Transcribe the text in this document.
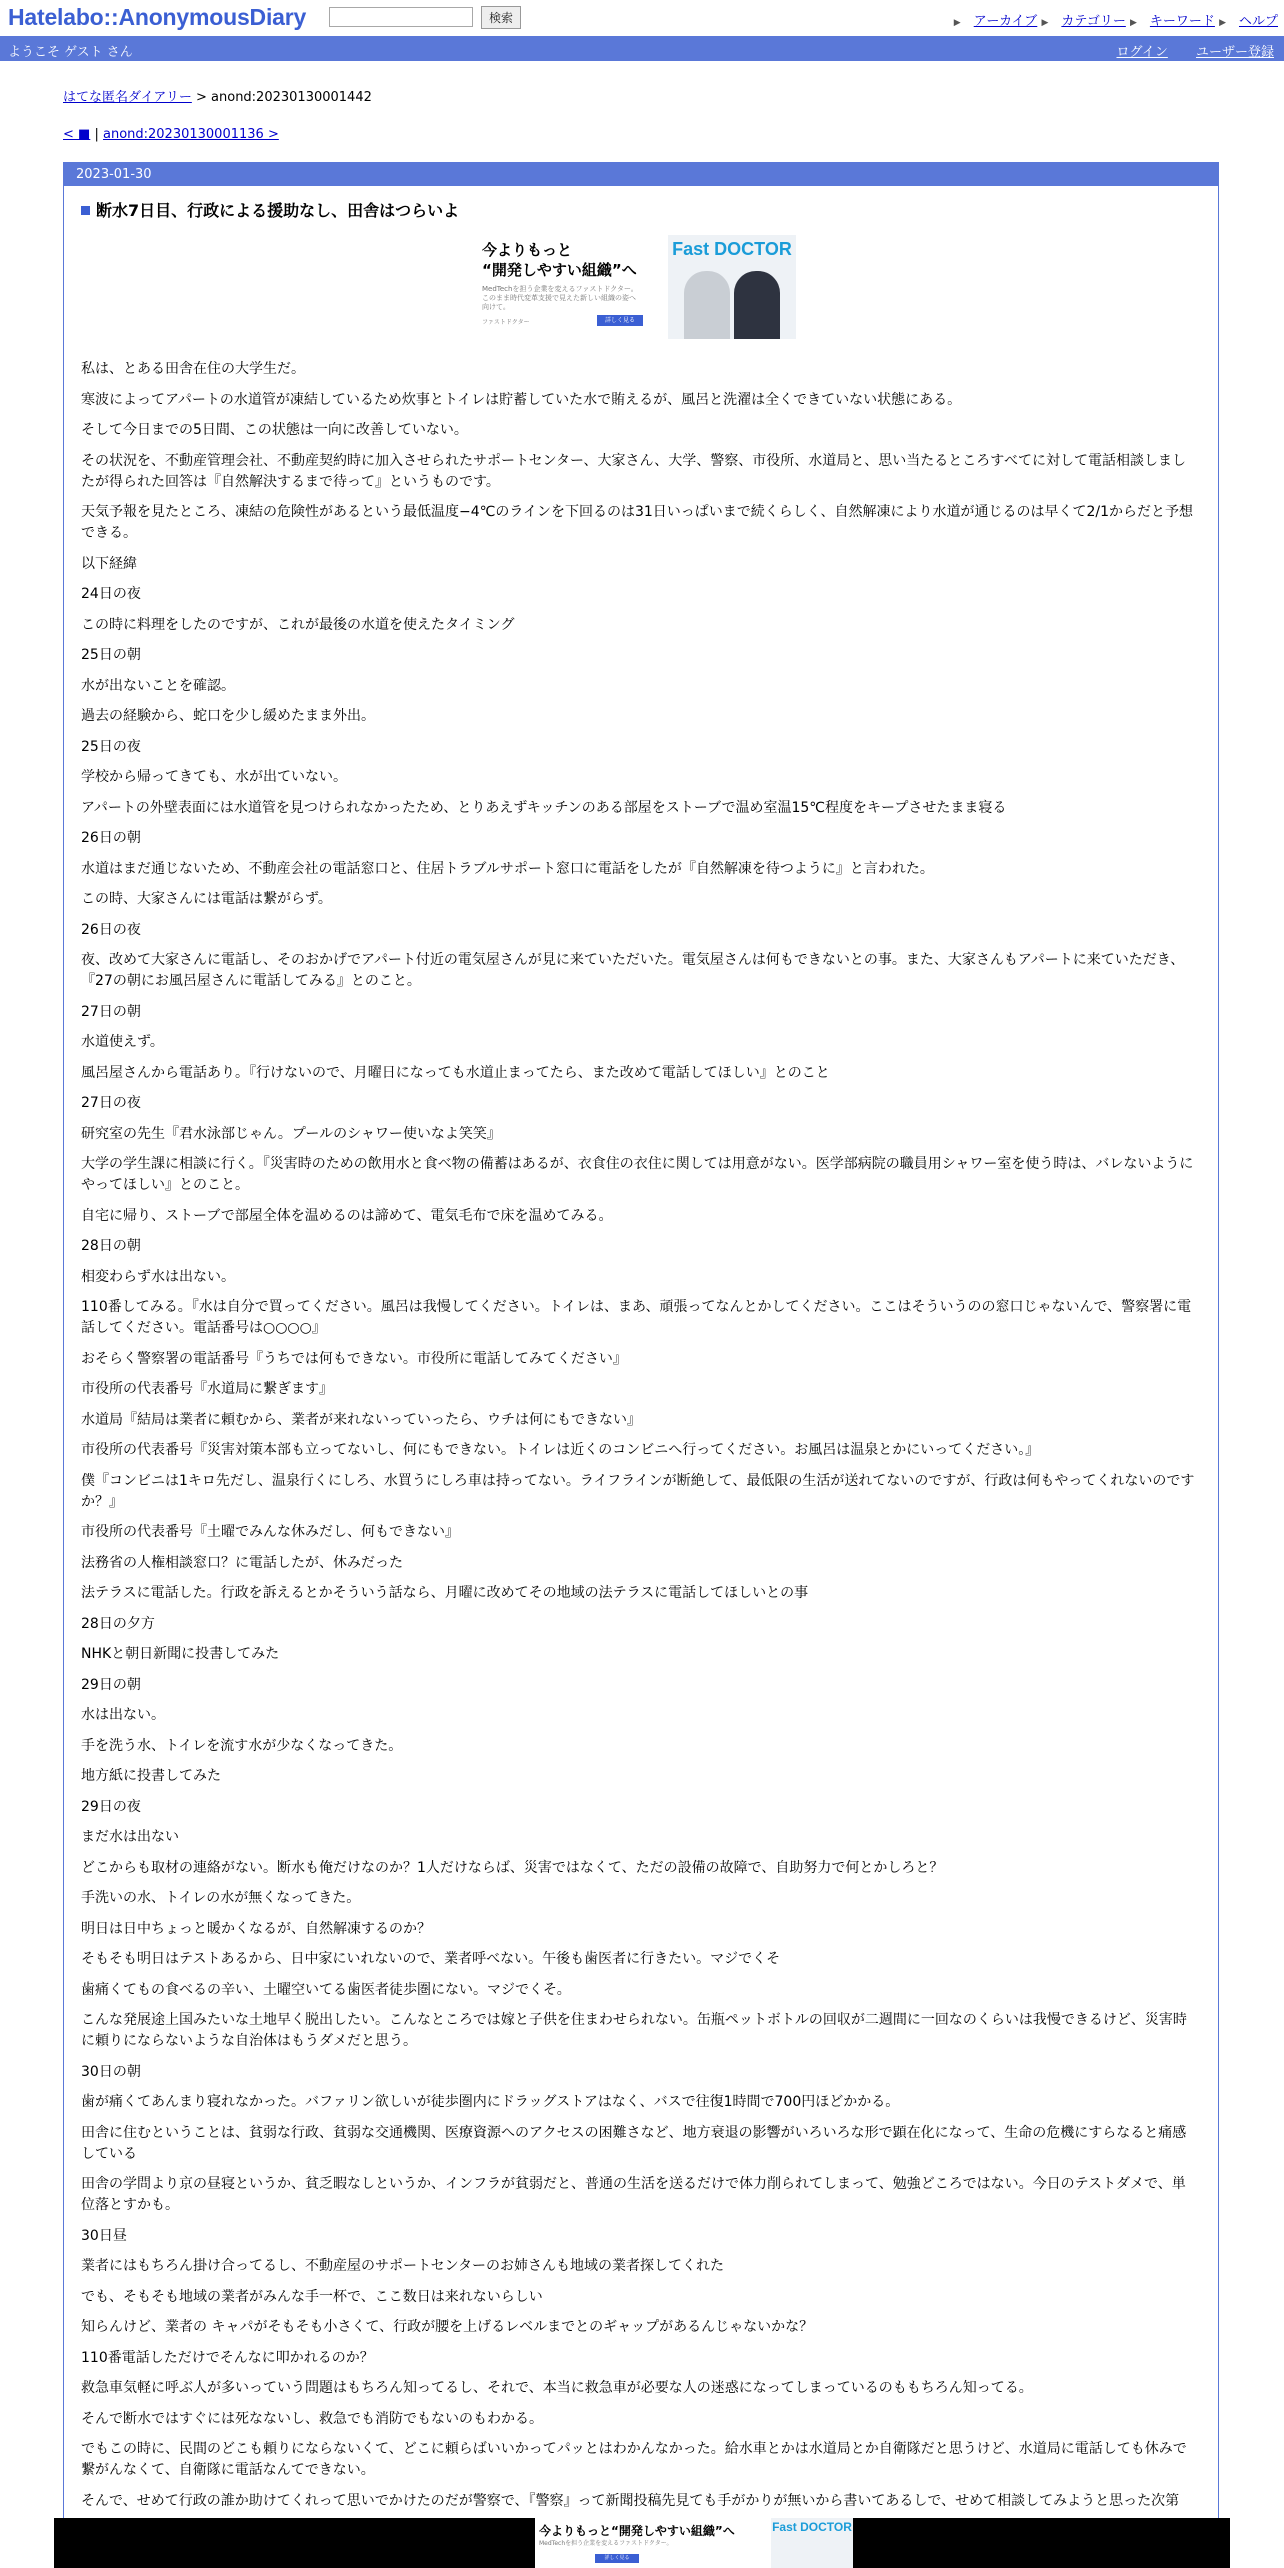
Hatelabo::AnonymousDiary	検索	▶ アーカイブ ▶ カテゴリー ▶ キーワード ▶ ヘルプ
ようこそ ゲスト さん	ログイン ユーザー登録
はてな匿名ダイアリー > anond:20230130001442
< ■ | anond:20230130001136 >
2023-01-30
断水7日目、行政による援助なし、田舎はつらいよ
今よりもっと
“開発しやすい組織”へ
MedTechを担う企業を変えるファストドクター。このまま時代変革支援で見えた新しい組織の姿へ向けて。
ファストドクター	詳しく見る
Fast DOCTOR

私は、とある田舎在住の大学生だ。

寒波によってアパートの水道管が凍結しているため炊事とトイレは貯蓄していた水で賄えるが、風呂と洗濯は全くできていない状態にある。

そして今日までの5日間、この状態は一向に改善していない。

その状況を、不動産管理会社、不動産契約時に加入させられたサポートセンター、大家さん、大学、警察、市役所、水道局と、思い当たるところすべてに対して電話相談しましたが得られた回答は『自然解決するまで待って』というものです。

天気予報を見たところ、凍結の危険性があるという最低温度−4℃のラインを下回るのは31日いっぱいまで続くらしく、自然解凍により水道が通じるのは早くて2/1からだと予想できる。

以下経緯

24日の夜

この時に料理をしたのですが、これが最後の水道を使えたタイミング

25日の朝

水が出ないことを確認。

過去の経験から、蛇口を少し緩めたまま外出。

25日の夜

学校から帰ってきても、水が出ていない。

アパートの外壁表面には水道管を見つけられなかったため、とりあえずキッチンのある部屋をストーブで温め室温15℃程度をキープさせたまま寝る

26日の朝

水道はまだ通じないため、不動産会社の電話窓口と、住居トラブルサポート窓口に電話をしたが『自然解凍を待つように』と言われた。

この時、大家さんには電話は繋がらず。

26日の夜

夜、改めて大家さんに電話し、そのおかげでアパート付近の電気屋さんが見に来ていただいた。電気屋さんは何もできないとの事。また、大家さんもアパートに来ていただき、『27の朝にお風呂屋さんに電話してみる』とのこと。

27日の朝

水道使えず。

風呂屋さんから電話あり。『行けないので、月曜日になっても水道止まってたら、また改めて電話してほしい』とのこと

27日の夜

研究室の先生『君水泳部じゃん。プールのシャワー使いなよ笑笑』

大学の学生課に相談に行く。『災害時のための飲用水と食べ物の備蓄はあるが、衣食住の衣住に関しては用意がない。医学部病院の職員用シャワー室を使う時は、バレないようにやってほしい』とのこと。

自宅に帰り、ストーブで部屋全体を温めるのは諦めて、電気毛布で床を温めてみる。

28日の朝

相変わらず水は出ない。

110番してみる。『水は自分で買ってください。風呂は我慢してください。トイレは、まあ、頑張ってなんとかしてください。ここはそういうのの窓口じゃないんで、警察署に電話してください。電話番号は○○○○』

おそらく警察署の電話番号『うちでは何もできない。市役所に電話してみてください』

市役所の代表番号『水道局に繋ぎます』

水道局『結局は業者に頼むから、業者が来れないっていったら、ウチは何にもできない』

市役所の代表番号『災害対策本部も立ってないし、何にもできない。トイレは近くのコンビニへ行ってください。お風呂は温泉とかにいってください。』

僕『コンビニは1キロ先だし、温泉行くにしろ、水買うにしろ車は持ってない。ライフラインが断絶して、最低限の生活が送れてないのですが、行政は何もやってくれないのですか？』

市役所の代表番号『土曜でみんな休みだし、何もできない』

法務省の人権相談窓口？に電話したが、休みだった

法テラスに電話した。行政を訴えるとかそういう話なら、月曜に改めてその地域の法テラスに電話してほしいとの事

28日の夕方

NHKと朝日新聞に投書してみた

29日の朝

水は出ない。

手を洗う水、トイレを流す水が少なくなってきた。

地方紙に投書してみた

29日の夜

まだ水は出ない

どこからも取材の連絡がない。断水も俺だけなのか？1人だけならば、災害ではなくて、ただの設備の故障で、自助努力で何とかしろと？

手洗いの水、トイレの水が無くなってきた。

明日は日中ちょっと暖かくなるが、自然解凍するのか？

そもそも明日はテストあるから、日中家にいれないので、業者呼べない。午後も歯医者に行きたい。マジでくそ

歯痛くてもの食べるの辛い、土曜空いてる歯医者徒歩圏にない。マジでくそ。

こんな発展途上国みたいな土地早く脱出したい。こんなところでは嫁と子供を住まわせられない。缶瓶ペットボトルの回収が二週間に一回なのくらいは我慢できるけど、災害時に頼りにならないような自治体はもうダメだと思う。

30日の朝

歯が痛くてあんまり寝れなかった。バファリン欲しいが徒歩圏内にドラッグストアはなく、バスで往復1時間で700円ほどかかる。

田舎に住むということは、貧弱な行政、貧弱な交通機関、医療資源へのアクセスの困難さなど、地方衰退の影響がいろいろな形で顕在化になって、生命の危機にすらなると痛感している

田舎の学問より京の昼寝というか、貧乏暇なしというか、インフラが貧弱だと、普通の生活を送るだけで体力削られてしまって、勉強どころではない。今日のテストダメで、単位落とすかも。

30日昼

業者にはもちろん掛け合ってるし、不動産屋のサポートセンターのお姉さんも地域の業者探してくれた

でも、そもそも地域の業者がみんな手一杯で、ここ数日は来れないらしい

知らんけど、業者の キャパがそもそも小さくて、行政が腰を上げるレベルまでとのギャップがあるんじゃないかな？

110番電話しただけでそんなに叩かれるのか？

救急車気軽に呼ぶ人が多いっていう問題はもちろん知ってるし、それで、本当に救急車が必要な人の迷惑になってしまっているのももちろん知ってる。

そんで断水ではすぐには死なないし、救急でも消防でもないのもわかる。

でもこの時に、民間のどこも頼りにならないくて、どこに頼らばいいかってパッとはわかんなかった。給水車とかは水道局とか自衛隊だと思うけど、水道局に電話しても休みで繋がんなくて、自衛隊に電話なんてできない。

そんで、せめて行政の誰か助けてくれって思いでかけたのだが警察で、『警察』って新聞投稿先見ても手がかりが無いから書いてあるしで、せめて相談してみようと思った次第

今よりもっと“開発しやすい組織”へ
MedTechを担う企業を変えるファストドクター。
詳しく見る
Fast DOCTOR
